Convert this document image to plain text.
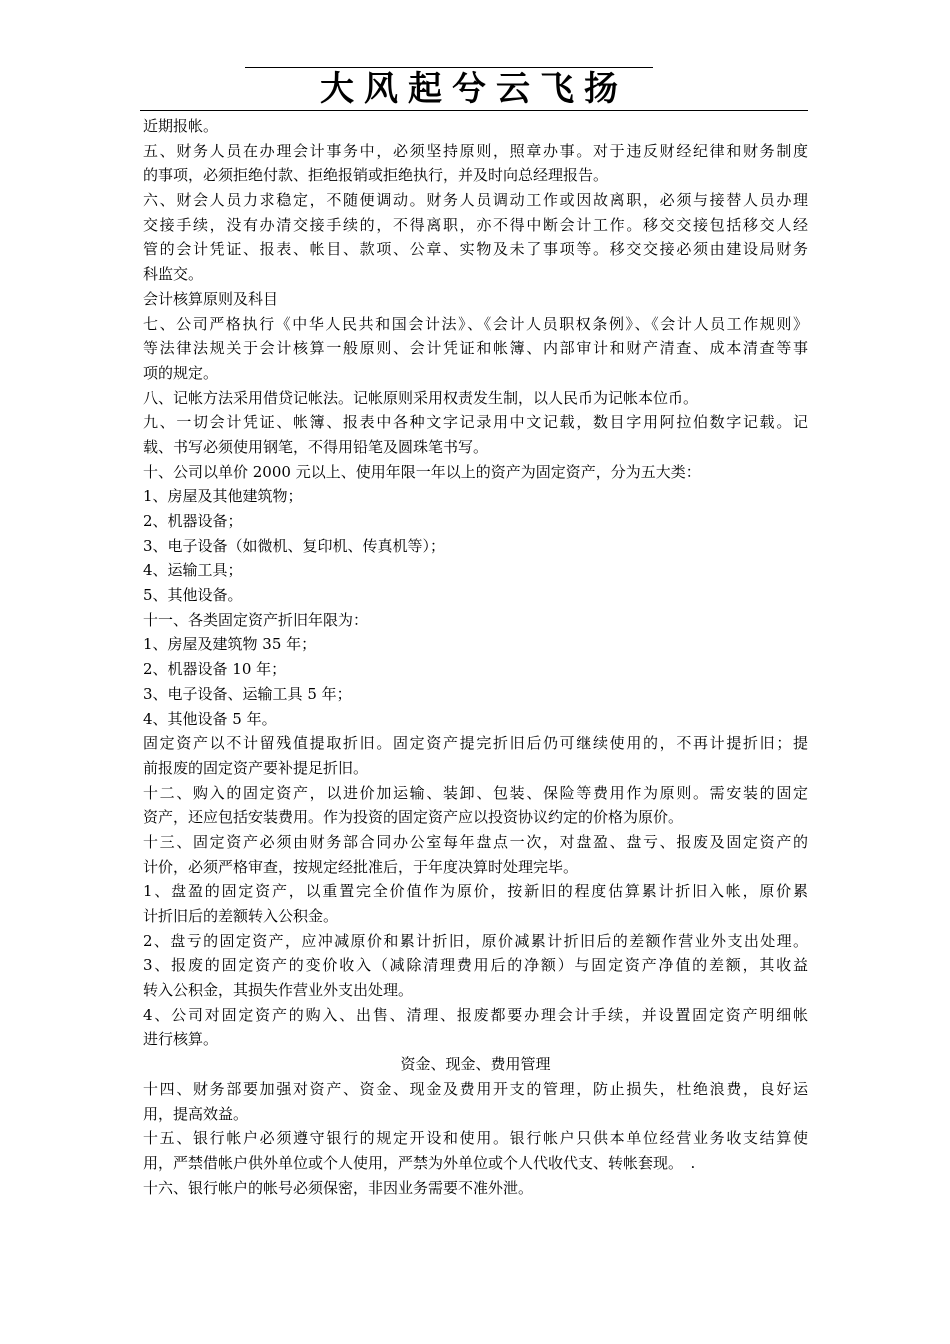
大风起兮云飞扬
近期报帐。
五、财务人员在办理会计事务中，必须坚持原则，照章办事。对于违反财经纪律和财务制度
的事项，必须拒绝付款、拒绝报销或拒绝执行，并及时向总经理报告。
六、财会人员力求稳定，不随便调动。财务人员调动工作或因故离职，必须与接替人员办理
交接手续，没有办清交接手续的，不得离职，亦不得中断会计工作。移交交接包括移交人经
管的会计凭证、报表、帐目、款项、公章、实物及未了事项等。移交交接必须由建设局财务
科监交。
会计核算原则及科目
七、公司严格执行《中华人民共和国会计法》、《会计人员职权条例》、《会计人员工作规则》
等法律法规关于会计核算一般原则、会计凭证和帐簿、内部审计和财产清查、成本清查等事
项的规定。
八、记帐方法采用借贷记帐法。记帐原则采用权责发生制，以人民币为记帐本位币。
九、一切会计凭证、帐簿、报表中各种文字记录用中文记载，数目字用阿拉伯数字记载。记
载、书写必须使用钢笔，不得用铅笔及圆珠笔书写。
十、公司以单价 2000 元以上、使用年限一年以上的资产为固定资产，分为五大类：
1、房屋及其他建筑物；
2、机器设备；
3、电子设备（如微机、复印机、传真机等）；
4、运输工具；
5、其他设备。
十一、各类固定资产折旧年限为：
1、房屋及建筑物 35 年；
2、机器设备 10 年；
3、电子设备、运输工具 5 年；
4、其他设备 5 年。
固定资产以不计留残值提取折旧。固定资产提完折旧后仍可继续使用的，不再计提折旧；提
前报废的固定资产要补提足折旧。
十二、购入的固定资产，以进价加运输、装卸、包装、保险等费用作为原则。需安装的固定
资产，还应包括安装费用。作为投资的固定资产应以投资协议约定的价格为原价。
十三、固定资产必须由财务部合同办公室每年盘点一次，对盘盈、盘亏、报废及固定资产的
计价，必须严格审查，按规定经批准后，于年度决算时处理完毕。
1、盘盈的固定资产，以重置完全价值作为原价，按新旧的程度估算累计折旧入帐，原价累
计折旧后的差额转入公积金。
2、盘亏的固定资产，应冲减原价和累计折旧，原价减累计折旧后的差额作营业外支出处理。
3、报废的固定资产的变价收入（减除清理费用后的净额）与固定资产净值的差额，其收益
转入公积金，其损失作营业外支出处理。
4、公司对固定资产的购入、出售、清理、报废都要办理会计手续，并设置固定资产明细帐
进行核算。
资金、现金、费用管理
十四、财务部要加强对资产、资金、现金及费用开支的管理，防止损失，杜绝浪费，良好运
用，提高效益。
十五、银行帐户必须遵守银行的规定开设和使用。银行帐户只供本单位经营业务收支结算使
用，严禁借帐户供外单位或个人使用，严禁为外单位或个人代收代支、转帐套现。　.
十六、银行帐户的帐号必须保密，非因业务需要不准外泄。
